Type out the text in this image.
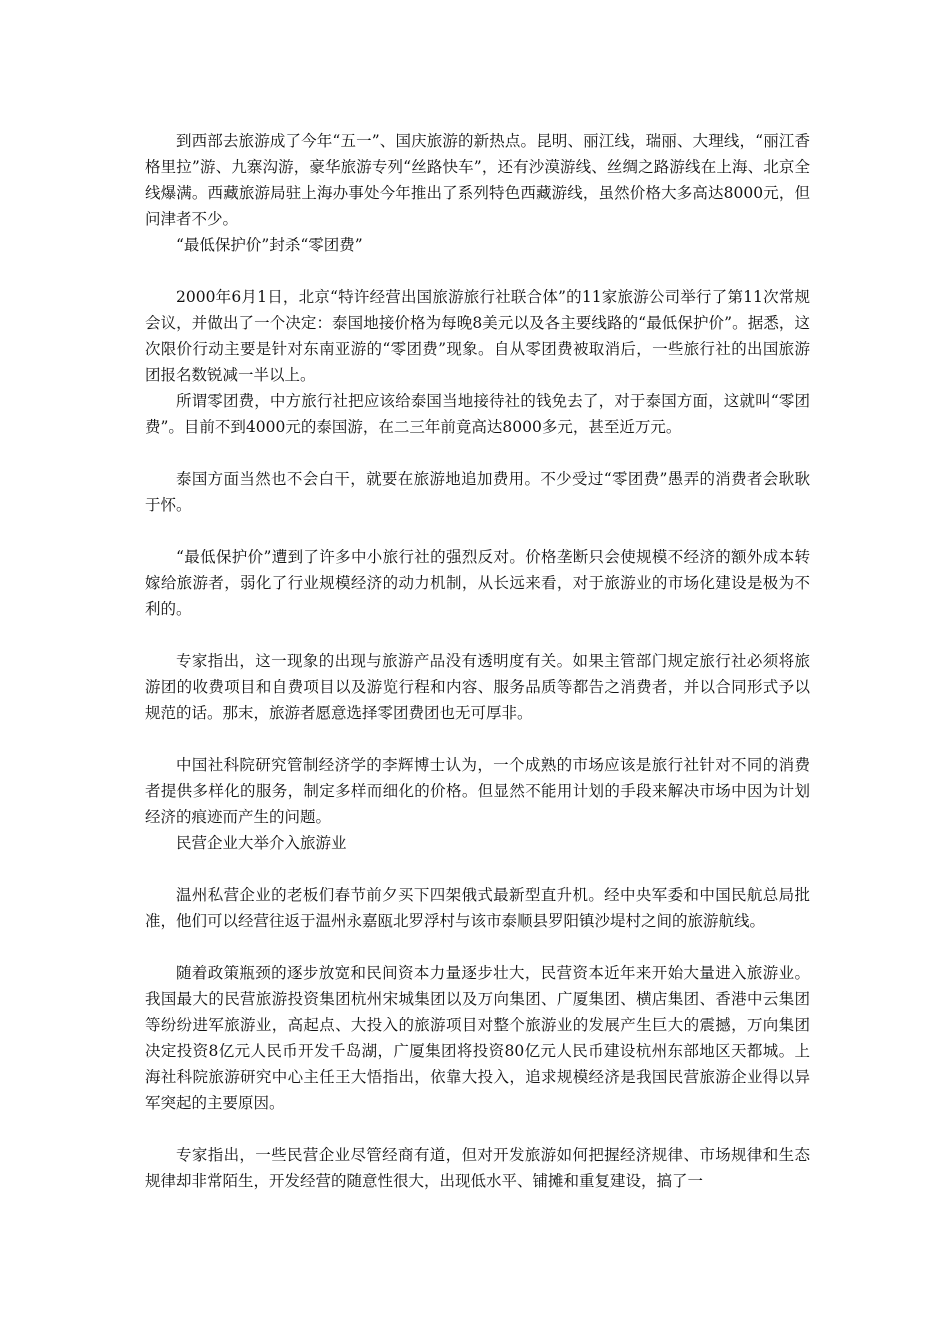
到西部去旅游成了今年“五一”、国庆旅游的新热点。昆明、丽江线，瑞丽、大理线，“丽江香格里拉”游、九寨沟游，豪华旅游专列“丝路快车”，还有沙漠游线、丝绸之路游线在上海、北京全线爆满。西藏旅游局驻上海办事处今年推出了系列特色西藏游线，虽然价格大多高达8000元，但问津者不少。

“最低保护价”封杀“零团费”

2000年6月1日，北京“特许经营出国旅游旅行社联合体”的11家旅游公司举行了第11次常规会议，并做出了一个决定：泰国地接价格为每晚8美元以及各主要线路的“最低保护价”。据悉，这次限价行动主要是针对东南亚游的“零团费”现象。自从零团费被取消后，一些旅行社的出国旅游团报名数锐减一半以上。

所谓零团费，中方旅行社把应该给泰国当地接待社的钱免去了，对于泰国方面，这就叫“零团费”。目前不到4000元的泰国游，在二三年前竟高达8000多元，甚至近万元。

泰国方面当然也不会白干，就要在旅游地追加费用。不少受过“零团费”愚弄的消费者会耿耿于怀。

“最低保护价”遭到了许多中小旅行社的强烈反对。价格垄断只会使规模不经济的额外成本转嫁给旅游者，弱化了行业规模经济的动力机制，从长远来看，对于旅游业的市场化建设是极为不利的。

专家指出，这一现象的出现与旅游产品没有透明度有关。如果主管部门规定旅行社必须将旅游团的收费项目和自费项目以及游览行程和内容、服务品质等都告之消费者，并以合同形式予以规范的话。那末，旅游者愿意选择零团费团也无可厚非。

中国社科院研究管制经济学的李辉博士认为，一个成熟的市场应该是旅行社针对不同的消费者提供多样化的服务，制定多样而细化的价格。但显然不能用计划的手段来解决市场中因为计划经济的痕迹而产生的问题。

民营企业大举介入旅游业

温州私营企业的老板们春节前夕买下四架俄式最新型直升机。经中央军委和中国民航总局批准，他们可以经营往返于温州永嘉瓯北罗浮村与该市泰顺县罗阳镇沙堤村之间的旅游航线。

随着政策瓶颈的逐步放宽和民间资本力量逐步壮大，民营资本近年来开始大量进入旅游业。我国最大的民营旅游投资集团杭州宋城集团以及万向集团、广厦集团、横店集团、香港中云集团等纷纷进军旅游业，高起点、大投入的旅游项目对整个旅游业的发展产生巨大的震撼，万向集团决定投资8亿元人民币开发千岛湖，广厦集团将投资80亿元人民币建设杭州东部地区天都城。上海社科院旅游研究中心主任王大悟指出，依靠大投入，追求规模经济是我国民营旅游企业得以异军突起的主要原因。

专家指出，一些民营企业尽管经商有道，但对开发旅游如何把握经济规律、市场规律和生态规律却非常陌生，开发经营的随意性很大，出现低水平、铺摊和重复建设，搞了一
